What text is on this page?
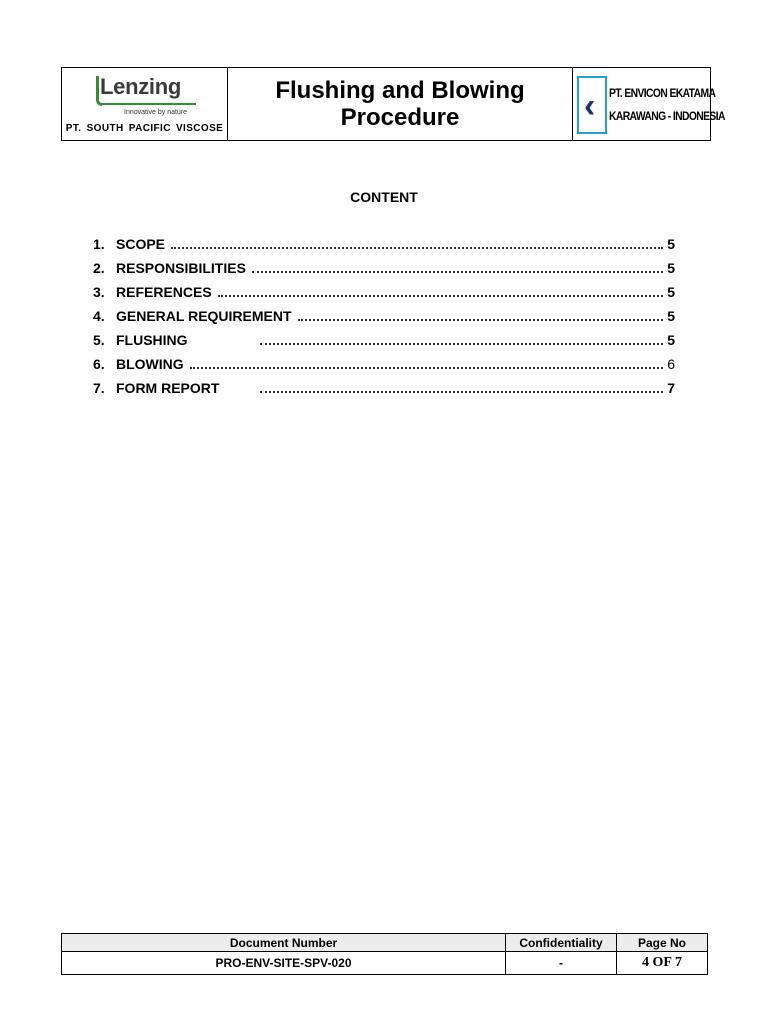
Lenzing
Innovative by nature
PT. SOUTH PACIFIC VISCOSE
Flushing and Blowing Procedure	‹ PT. ENVICON EKATAMA
KARAWANG - INDONESIA
CONTENT
1. SCOPE	5
2. RESPONSIBILITIES	5
3. REFERENCES	5
4. GENERAL REQUIREMENT	5
5. FLUSHING	5
6. BLOWING	6
7. FORM REPORT	7
Document Number	Confidentiality	Page No
PRO-ENV-SITE-SPV-020	-	4 OF 7
